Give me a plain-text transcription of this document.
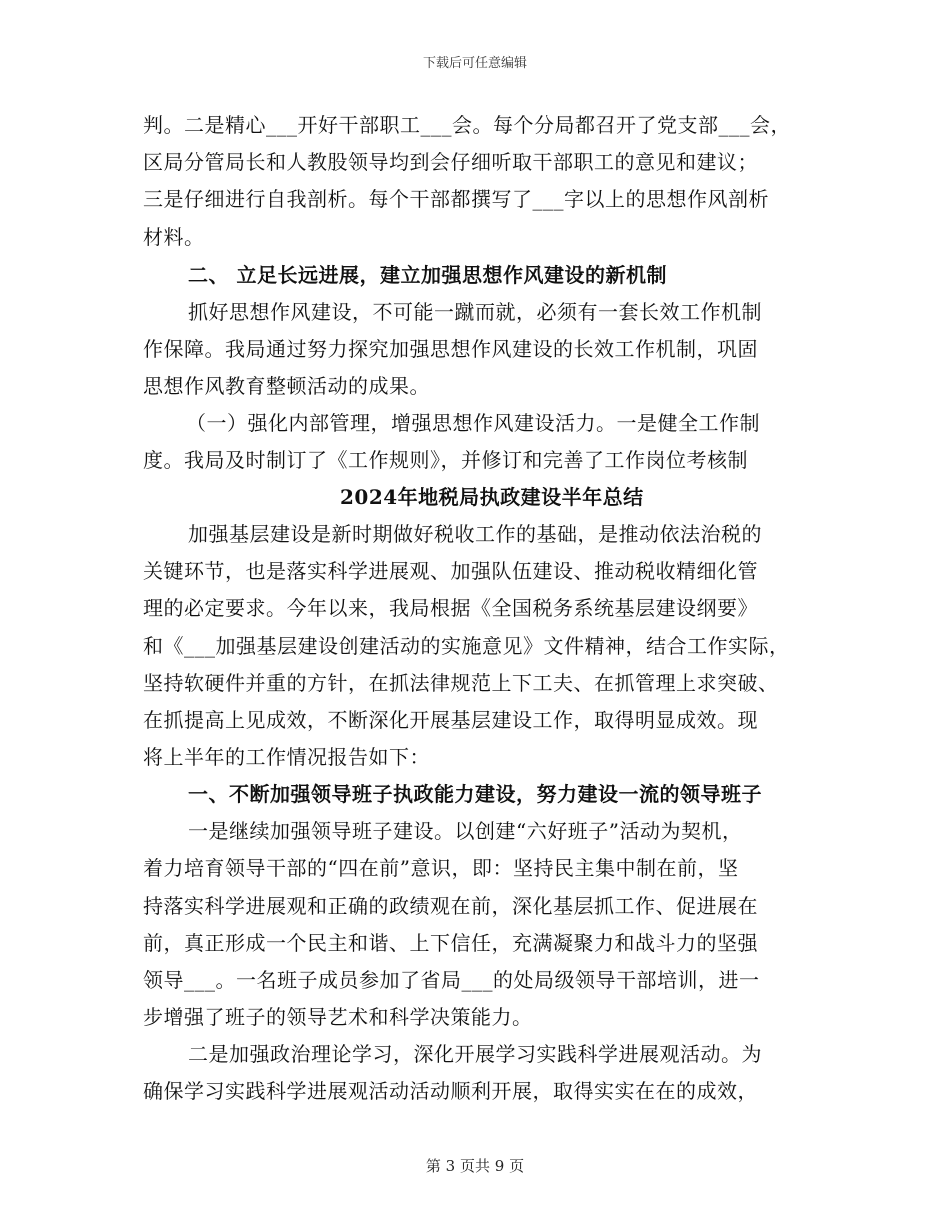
下载后可任意编辑
判。二是精心___开好干部职工___会。每个分局都召开了党支部___会，
区局分管局长和人教股领导均到会仔细听取干部职工的意见和建议；
三是仔细进行自我剖析。每个干部都撰写了___字以上的思想作风剖析
材料。
二、 立足长远进展，建立加强思想作风建设的新机制
抓好思想作风建设，不可能一蹴而就，必须有一套长效工作机制
作保障。我局通过努力探究加强思想作风建设的长效工作机制，巩固
思想作风教育整顿活动的成果。
（一）强化内部管理，增强思想作风建设活力。一是健全工作制
度。我局及时制订了《工作规则》，并修订和完善了工作岗位考核制
2024年地税局执政建设半年总结
加强基层建设是新时期做好税收工作的基础，是推动依法治税的
关键环节，也是落实科学进展观、加强队伍建设、推动税收精细化管
理的必定要求。今年以来，我局根据《全国税务系统基层建设纲要》
和《___加强基层建设创建活动的实施意见》文件精神，结合工作实际，
坚持软硬件并重的方针，在抓法律规范上下工夫、在抓管理上求突破、
在抓提高上见成效，不断深化开展基层建设工作，取得明显成效。现
将上半年的工作情况报告如下：
一、不断加强领导班子执政能力建设，努力建设一流的领导班子
一是继续加强领导班子建设。以创建“六好班子”活动为契机，
着力培育领导干部的“四在前”意识，即：坚持民主集中制在前，坚
持落实科学进展观和正确的政绩观在前，深化基层抓工作、促进展在
前，真正形成一个民主和谐、上下信任，充满凝聚力和战斗力的坚强
领导___。一名班子成员参加了省局___的处局级领导干部培训，进一
步增强了班子的领导艺术和科学决策能力。
二是加强政治理论学习，深化开展学习实践科学进展观活动。为
确保学习实践科学进展观活动活动顺利开展，取得实实在在的成效，
第 3 页共 9 页
